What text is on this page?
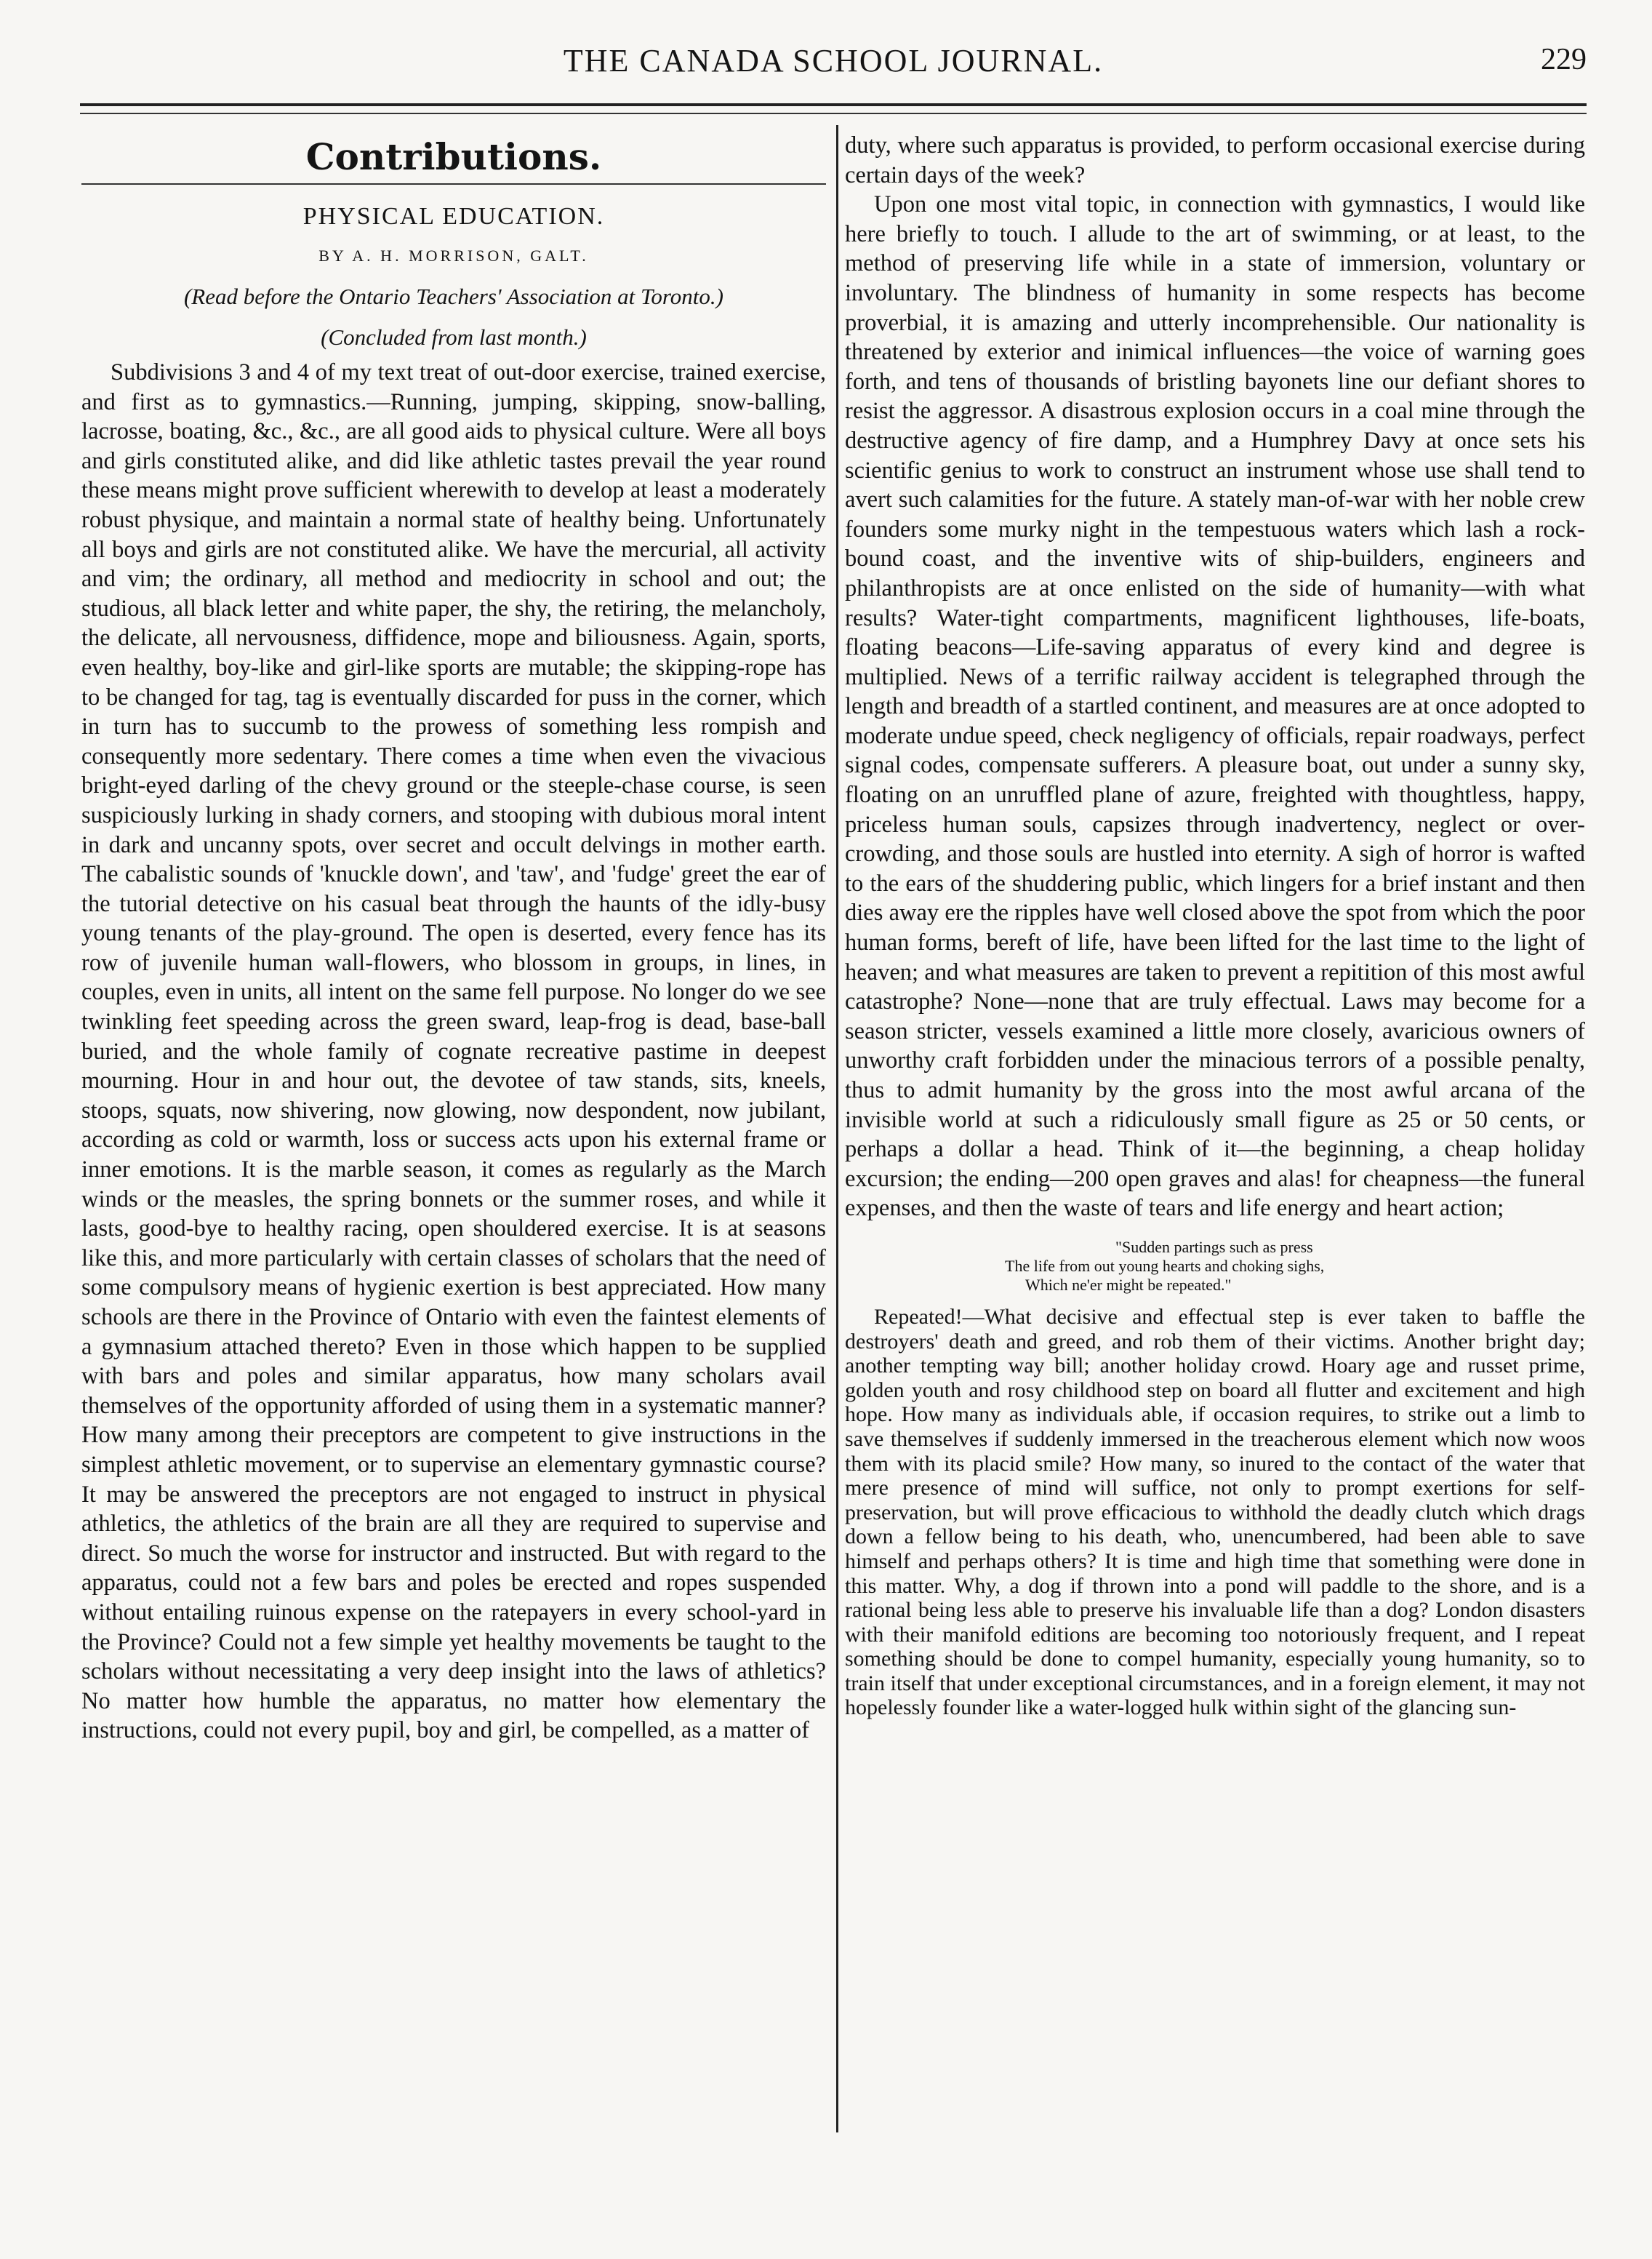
THE CANADA SCHOOL JOURNAL.	229
Contributions.
PHYSICAL EDUCATION.
BY A. H. MORRISON, GALT.
(Read before the Ontario Teachers' Association at Toronto.)
(Concluded from last month.)

Subdivisions 3 and 4 of my text treat of out-door exercise, trained exercise, and first as to gymnastics.—Running, jumping, skipping, snow-balling, lacrosse, boating, &c., &c., are all good aids to physical culture. Were all boys and girls constituted alike, and did like athletic tastes prevail the year round these means might prove sufficient wherewith to develop at least a moderately robust physique, and maintain a normal state of healthy being. Unfortunately all boys and girls are not constituted alike. We have the mercurial, all activity and vim; the ordinary, all method and mediocrity in school and out; the studious, all black letter and white paper, the shy, the retiring, the melancholy, the delicate, all nervousness, diffidence, mope and biliousness. Again, sports, even healthy, boy-like and girl-like sports are mutable; the skipping-rope has to be changed for tag, tag is eventually discarded for puss in the corner, which in turn has to succumb to the prowess of something less rompish and consequently more sedentary. There comes a time when even the vivacious bright-eyed darling of the chevy ground or the steeple-chase course, is seen suspiciously lurking in shady corners, and stooping with dubious moral intent in dark and uncanny spots, over secret and occult delvings in mother earth. The cabalistic sounds of 'knuckle down', and 'taw', and 'fudge' greet the ear of the tutorial detective on his casual beat through the haunts of the idly-busy young tenants of the play-ground. The open is deserted, every fence has its row of juvenile human wall-flowers, who blossom in groups, in lines, in couples, even in units, all intent on the same fell purpose. No longer do we see twinkling feet speeding across the green sward, leap-frog is dead, base-ball buried, and the whole family of cognate recreative pastime in deepest mourning. Hour in and hour out, the devotee of taw stands, sits, kneels, stoops, squats, now shivering, now glowing, now despondent, now jubilant, according as cold or warmth, loss or success acts upon his external frame or inner emotions. It is the marble season, it comes as regularly as the March winds or the measles, the spring bonnets or the summer roses, and while it lasts, good-bye to healthy racing, open shouldered exercise. It is at seasons like this, and more particularly with certain classes of scholars that the need of some compulsory means of hygienic exertion is best appreciated. How many schools are there in the Province of Ontario with even the faintest elements of a gymnasium attached thereto? Even in those which happen to be supplied with bars and poles and similar apparatus, how many scholars avail themselves of the opportunity afforded of using them in a systematic manner? How many among their preceptors are competent to give instructions in the simplest athletic movement, or to supervise an elementary gymnastic course? It may be answered the preceptors are not engaged to instruct in physical athletics, the athletics of the brain are all they are required to supervise and direct. So much the worse for instructor and instructed. But with regard to the apparatus, could not a few bars and poles be erected and ropes suspended without entailing ruinous expense on the ratepayers in every school-yard in the Province? Could not a few simple yet healthy movements be taught to the scholars without necessitating a very deep insight into the laws of athletics? No matter how humble the apparatus, no matter how elementary the instructions, could not every pupil, boy and girl, be compelled, as a matter of

duty, where such apparatus is provided, to perform occasional exercise during certain days of the week?

Upon one most vital topic, in connection with gymnastics, I would like here briefly to touch. I allude to the art of swimming, or at least, to the method of preserving life while in a state of immersion, voluntary or involuntary. The blindness of humanity in some respects has become proverbial, it is amazing and utterly incomprehensible. Our nationality is threatened by exterior and inimical influences—the voice of warning goes forth, and tens of thousands of bristling bayonets line our defiant shores to resist the aggressor. A disastrous explosion occurs in a coal mine through the destructive agency of fire damp, and a Humphrey Davy at once sets his scientific genius to work to construct an instrument whose use shall tend to avert such calamities for the future. A stately man-of-war with her noble crew founders some murky night in the tempestuous waters which lash a rock-bound coast, and the inventive wits of ship-builders, engineers and philanthropists are at once enlisted on the side of humanity—with what results? Water-tight compartments, magnificent lighthouses, life-boats, floating beacons—Life-saving apparatus of every kind and degree is multiplied. News of a terrific railway accident is telegraphed through the length and breadth of a startled continent, and measures are at once adopted to moderate undue speed, check negligency of officials, repair roadways, perfect signal codes, compensate sufferers. A pleasure boat, out under a sunny sky, floating on an unruffled plane of azure, freighted with thoughtless, happy, priceless human souls, capsizes through inadvertency, neglect or over-crowding, and those souls are hustled into eternity. A sigh of horror is wafted to the ears of the shuddering public, which lingers for a brief instant and then dies away ere the ripples have well closed above the spot from which the poor human forms, bereft of life, have been lifted for the last time to the light of heaven; and what measures are taken to prevent a repitition of this most awful catastrophe? None—none that are truly effectual. Laws may become for a season stricter, vessels examined a little more closely, avaricious owners of unworthy craft forbidden under the minacious terrors of a possible penalty, thus to admit humanity by the gross into the most awful arcana of the invisible world at such a ridiculously small figure as 25 or 50 cents, or perhaps a dollar a head. Think of it—the beginning, a cheap holiday excursion; the ending—200 open graves and alas! for cheapness—the funeral expenses, and then the waste of tears and life energy and heart action;

"Sudden partings such as press
The life from out young hearts and choking sighs,
Which ne'er might be repeated."

Repeated!—What decisive and effectual step is ever taken to baffle the destroyers' death and greed, and rob them of their victims. Another bright day; another tempting way bill; another holiday crowd. Hoary age and russet prime, golden youth and rosy childhood step on board all flutter and excitement and high hope. How many as individuals able, if occasion requires, to strike out a limb to save themselves if suddenly immersed in the treacherous element which now woos them with its placid smile? How many, so inured to the contact of the water that mere presence of mind will suffice, not only to prompt exertions for self-preservation, but will prove efficacious to withhold the deadly clutch which drags down a fellow being to his death, who, unencumbered, had been able to save himself and perhaps others? It is time and high time that something were done in this matter. Why, a dog if thrown into a pond will paddle to the shore, and is a rational being less able to preserve his invaluable life than a dog? London disasters with their manifold editions are becoming too notoriously frequent, and I repeat something should be done to compel humanity, especially young humanity, so to train itself that under exceptional circumstances, and in a foreign element, it may not hopelessly founder like a water-logged hulk within sight of the glancing sun-
